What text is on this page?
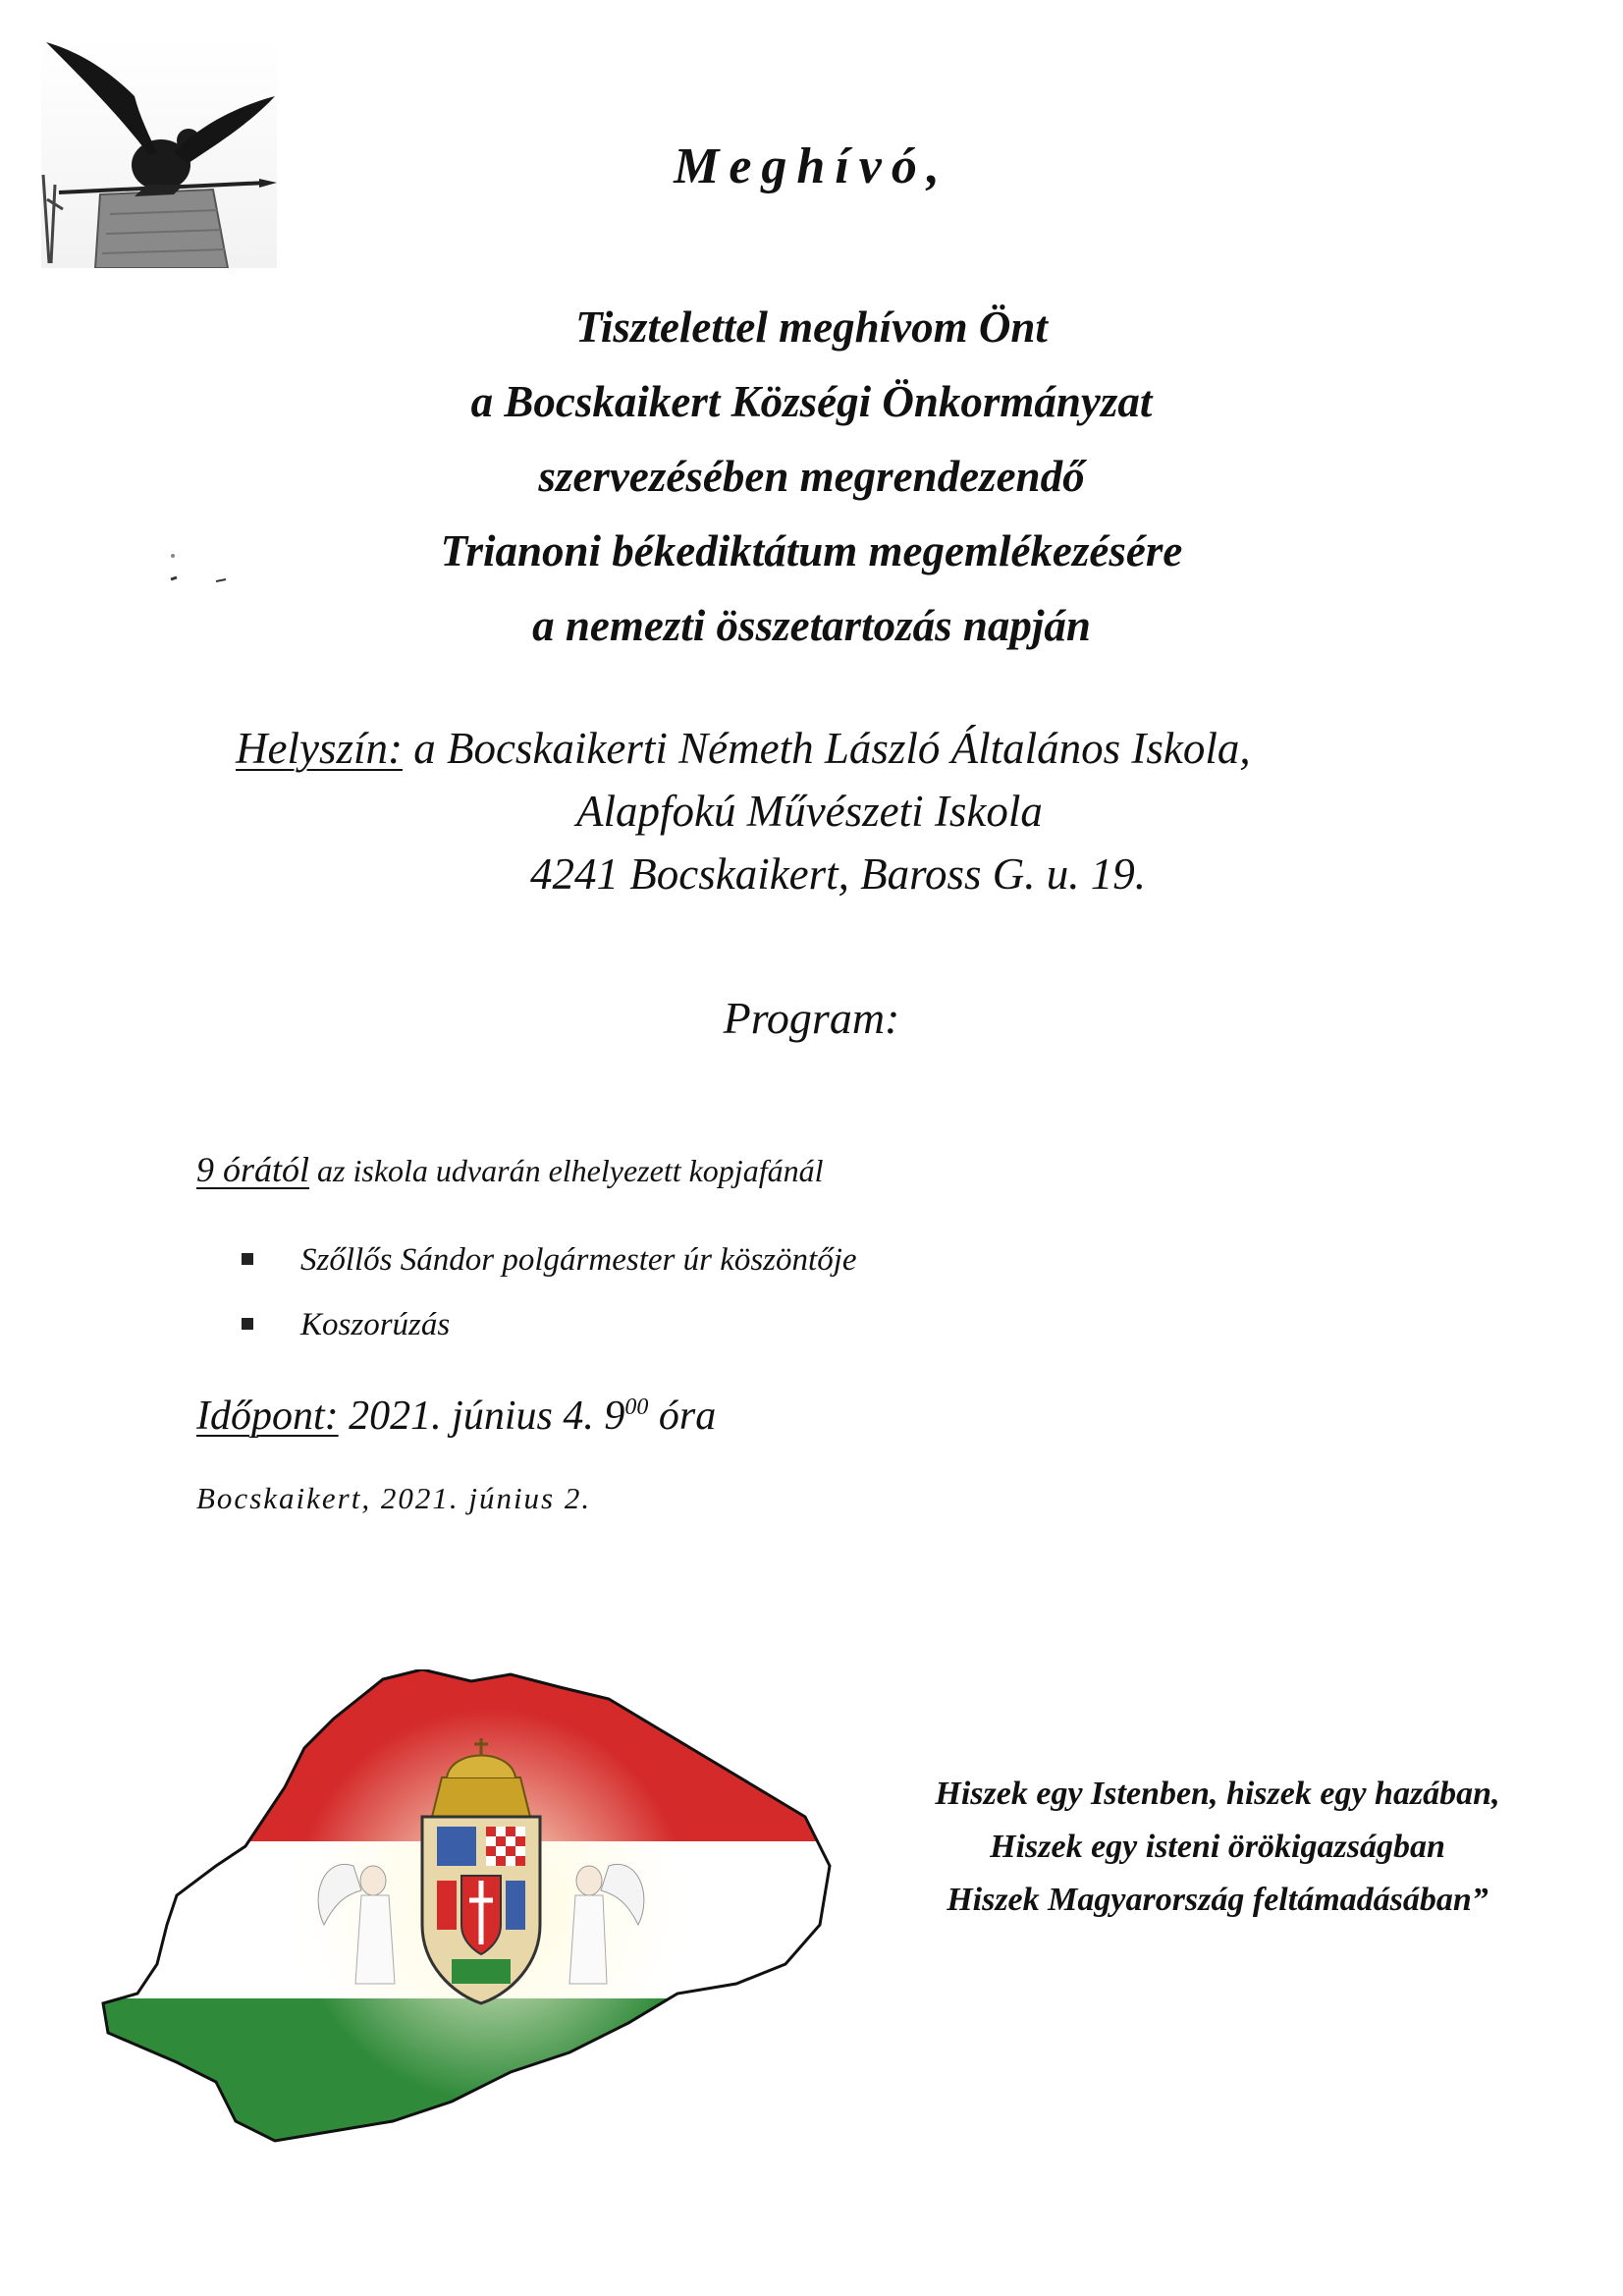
Meghívó,
Tisztelettel meghívom Önt
a Bocskaikert Községi Önkormányzat
szervezésében megrendezendő
Trianoni békediktátum megemlékezésére
a nemezti összetartozás napján
Helyszín: a Bocskaikerti Németh László Általános Iskola,
Alapfokú Művészeti Iskola
4241 Bocskaikert, Baross G. u. 19.
Program:
9 órától az iskola udvarán elhelyezett kopjafánál
Szőllős Sándor polgármester úr köszöntője
Koszorúzás
Időpont: 2021. június 4. $9^{00}$ óra
Bocskaikert, 2021. június 2.
Hiszek egy Istenben, hiszek egy hazában,
Hiszek egy isteni örökigazságban
Hiszek Magyarország feltámadásában”
